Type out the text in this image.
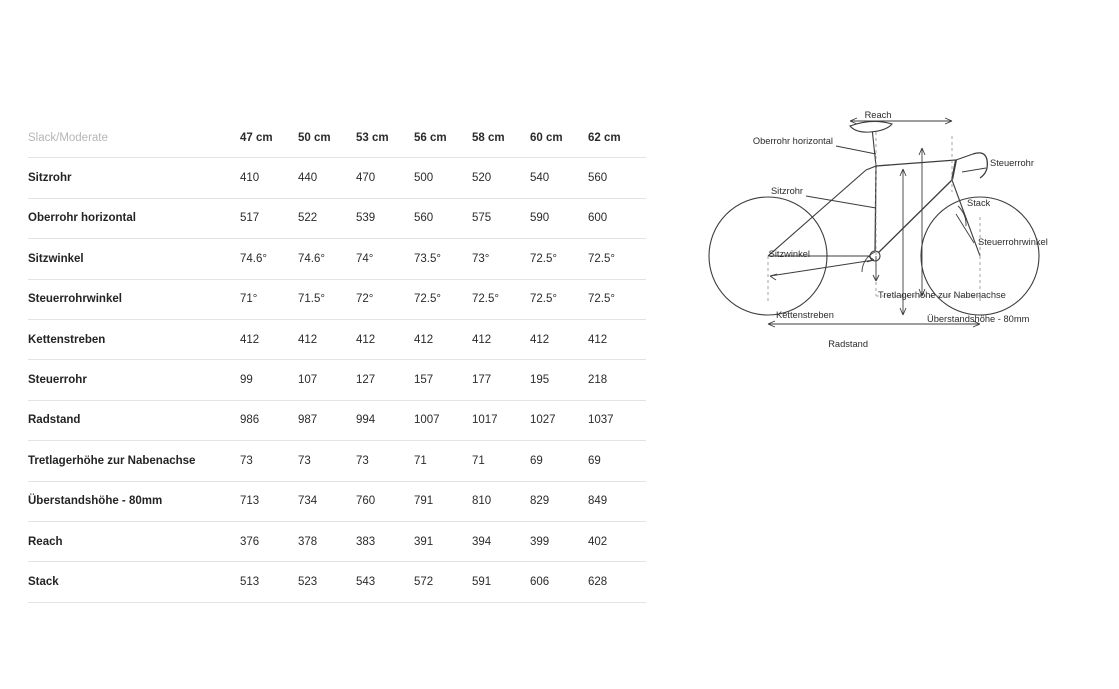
Slack/Moderate	47 cm	50 cm	53 cm	56 cm	58 cm	60 cm	62 cm
Sitzrohr	410	440	470	500	520	540	560
Oberrohr horizontal	517	522	539	560	575	590	600
Sitzwinkel	74.6°	74.6°	74°	73.5°	73°	72.5°	72.5°
Steuerrohrwinkel	71°	71.5°	72°	72.5°	72.5°	72.5°	72.5°
Kettenstreben	412	412	412	412	412	412	412
Steuerrohr	99	107	127	157	177	195	218
Radstand	986	987	994	1007	1017	1027	1037
Tretlagerhöhe zur Nabenachse	73	73	73	71	71	69	69
Überstandshöhe - 80mm	713	734	760	791	810	829	849
Reach	376	378	383	391	394	399	402
Stack	513	523	543	572	591	606	628
Reach
Oberrohr horizontal
Steuerrohr
Sitzrohr
Stack
Sitzwinkel
Steuerrohrwinkel
Tretlagerhöhe zur Nabenachse
Überstandshöhe - 80mm
Kettenstreben
Radstand
